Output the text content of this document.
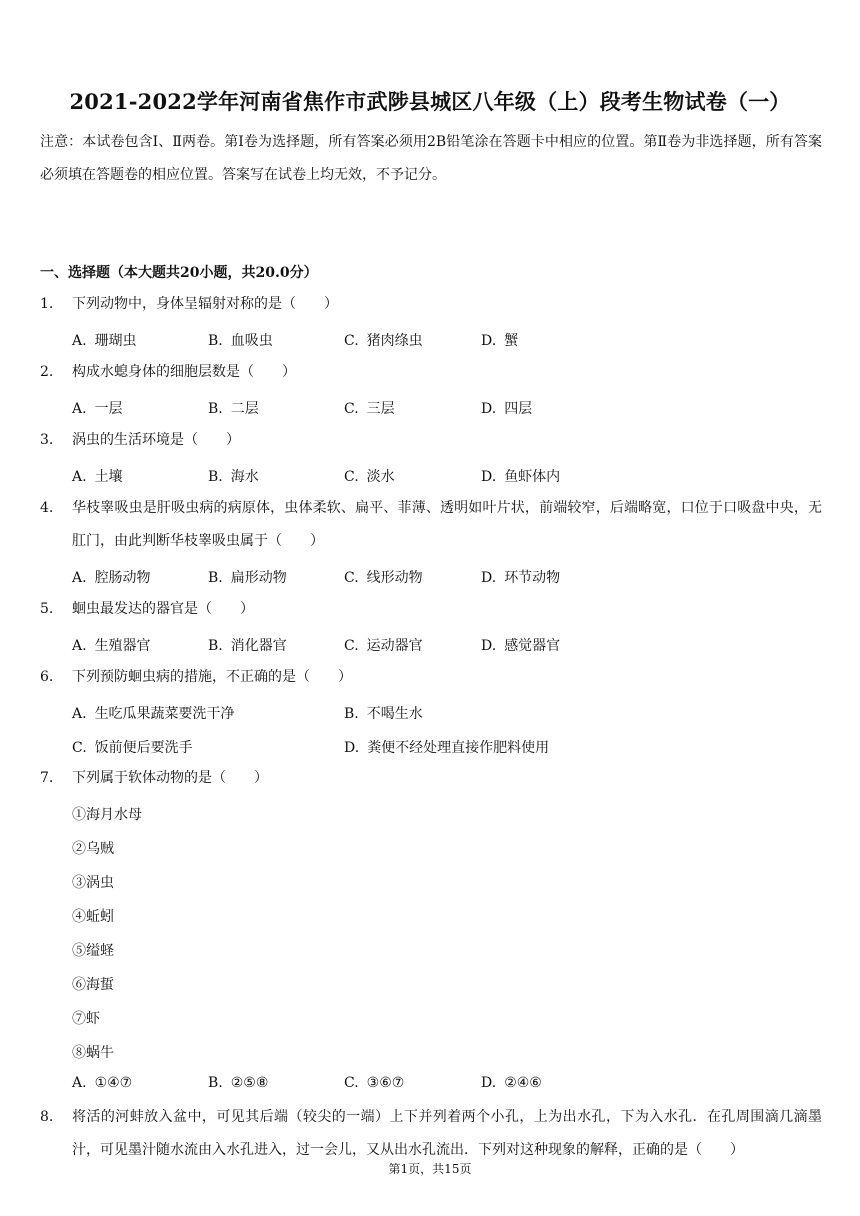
2021-2022学年河南省焦作市武陟县城区八年级（上）段考生物试卷（一）
注意：本试卷包含Ⅰ、Ⅱ两卷。第Ⅰ卷为选择题，所有答案必须用2B铅笔涂在答题卡中相应的位置。第Ⅱ卷为非选择题，所有答案必须填在答题卷的相应位置。答案写在试卷上均无效，不予记分。
一、选择题（本大题共20小题，共20.0分）
1. 下列动物中，身体呈辐射对称的是（　　）
A. 珊瑚虫	B. 血吸虫	C. 猪肉绦虫	D. 蟹
2. 构成水螅身体的细胞层数是（　　）
A. 一层	B. 二层	C. 三层	D. 四层
3. 涡虫的生活环境是（　　）
A. 土壤	B. 海水	C. 淡水	D. 鱼虾体内
4. 华枝睾吸虫是肝吸虫病的病原体，虫体柔软、扁平、菲薄、透明如叶片状，前端较窄，后端略宽，口位于口吸盘中央，无肛门，由此判断华枝睾吸虫属于（　　）
A. 腔肠动物	B. 扁形动物	C. 线形动物	D. 环节动物
5. 蛔虫最发达的器官是（　　）
A. 生殖器官	B. 消化器官	C. 运动器官	D. 感觉器官
6. 下列预防蛔虫病的措施，不正确的是（　　）
A. 生吃瓜果蔬菜要洗干净	B. 不喝生水
C. 饭前便后要洗手	D. 粪便不经处理直接作肥料使用
7. 下列属于软体动物的是（　　）
①海月水母
②乌贼
③涡虫
④蚯蚓
⑤缢蛏
⑥海蜇
⑦虾
⑧蜗牛
A. ①④⑦	B. ②⑤⑧	C. ③⑥⑦	D. ②④⑥
8. 将活的河蚌放入盆中，可见其后端（较尖的一端）上下并列着两个小孔，上为出水孔，下为入水孔．在孔周围滴几滴墨汁，可见墨汁随水流由入水孔进入，过一会儿，又从出水孔流出．下列对这种现象的解释，正确的是（　　）
第1页，共15页
